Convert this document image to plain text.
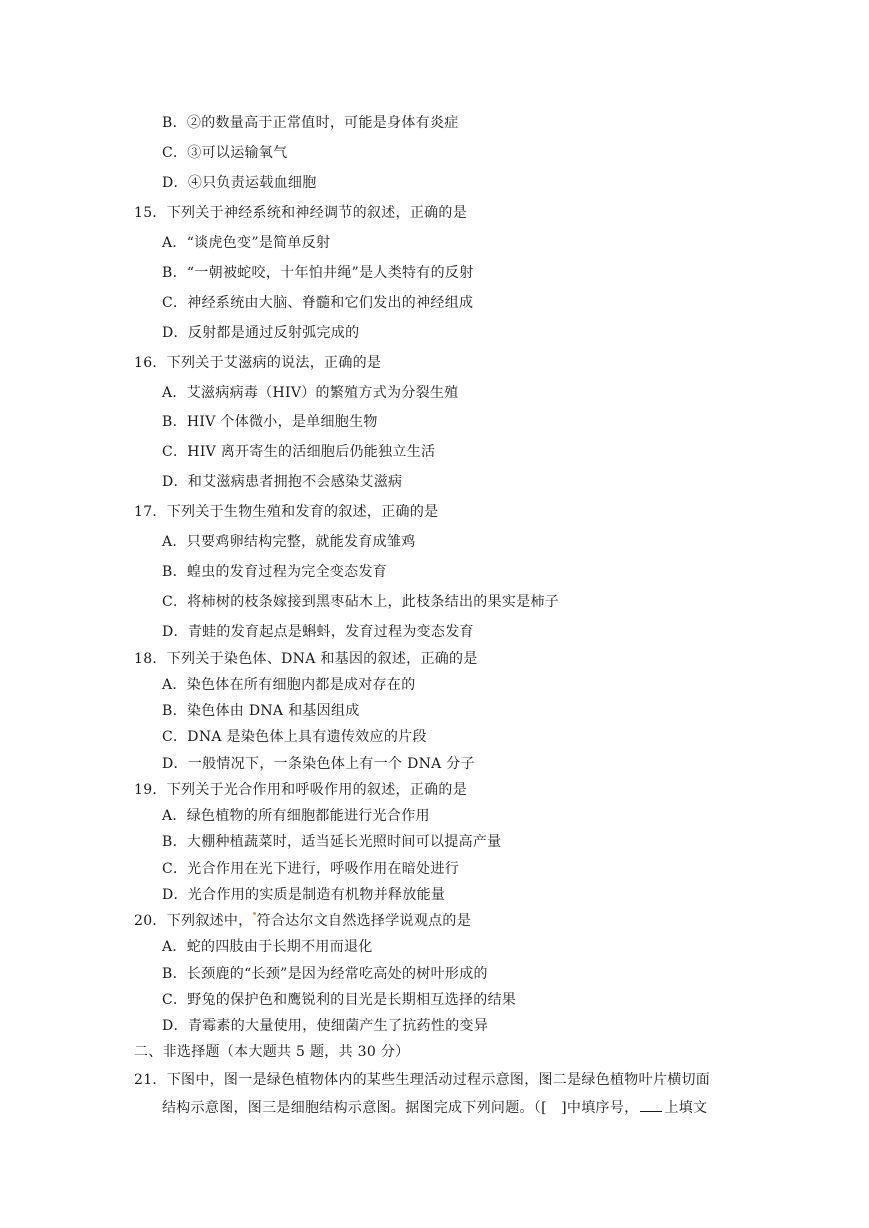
B．②的数量高于正常值时，可能是身体有炎症
C．③可以运输氧气
D．④只负责运载血细胞
15．下列关于神经系统和神经调节的叙述，正确的是
A．“谈虎色变”是简单反射
B．“一朝被蛇咬，十年怕井绳”是人类特有的反射
C．神经系统由大脑、脊髓和它们发出的神经组成
D．反射都是通过反射弧完成的
16．下列关于艾滋病的说法，正确的是
A．艾滋病病毒（HIV）的繁殖方式为分裂生殖
B．HIV 个体微小，是单细胞生物
C．HIV 离开寄生的活细胞后仍能独立生活
D．和艾滋病患者拥抱不会感染艾滋病
17．下列关于生物生殖和发育的叙述，正确的是
A．只要鸡卵结构完整，就能发育成雏鸡
B．蝗虫的发育过程为完全变态发育
C．将柿树的枝条嫁接到黑枣砧木上，此枝条结出的果实是柿子
D．青蛙的发育起点是蝌蚪，发育过程为变态发育
18．下列关于染色体、DNA 和基因的叙述，正确的是
A．染色体在所有细胞内都是成对存在的
B．染色体由 DNA 和基因组成
C．DNA 是染色体上具有遗传效应的片段
D．一般情况下，一条染色体上有一个 DNA 分子
19．下列关于光合作用和呼吸作用的叙述，正确的是
A．绿色植物的所有细胞都能进行光合作用
B．大棚种植蔬菜时，适当延长光照时间可以提高产量
C．光合作用在光下进行，呼吸作用在暗处进行
D．光合作用的实质是制造有机物并释放能量
20．下列叙述中， 符合达尔文自然选择学说观点的是
A．蛇的四肢由于长期不用而退化
B．长颈鹿的“长颈”是因为经常吃高处的树叶形成的
C．野兔的保护色和鹰锐利的目光是长期相互选择的结果
D．青霉素的大量使用，使细菌产生了抗药性的变异
二、非选择题（本大题共 5 题，共 30 分）
21．下图中，图一是绿色植物体内的某些生理活动过程示意图，图二是绿色植物叶片横切面
结构示意图，图三是细胞结构示意图。据图完成下列问题。（[　]中填序号， 上填文
